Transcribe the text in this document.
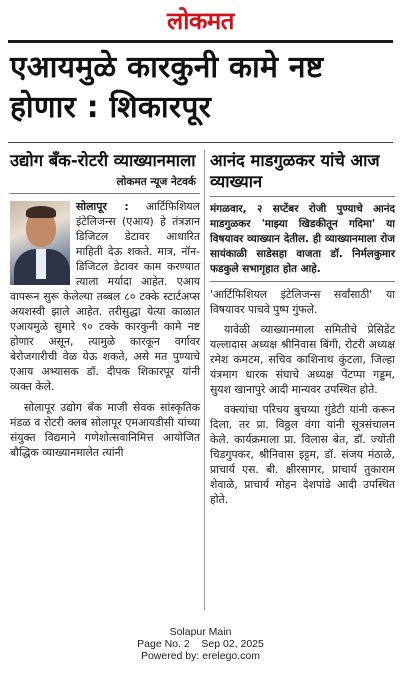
लोकमत
एआयमुळे कारकुनी कामे नष्ट होणार : शिकारपूर
उद्योग बँक-रोटरी व्याख्यानमाला
लोकमत न्यूज नेटवर्क

सोलापूर : आर्टिफिशियल इंटेलिजन्स (एआय) हे तंत्रज्ञान डिजिटल डेटावर आधारित माहिती देऊ शकते. मात्र, नॉन-डिजिटल डेटावर काम करण्यात त्याला मर्यादा आहेत. एआय वापरून सुरू केलेल्या तब्बल ८० टक्के स्टार्टअप्स अयशस्वी झाले आहेत. तरीसुद्धा येत्या काळात एआयमुळे सुमारे ९० टक्के कारकुनी कामे नष्ट होणार असून, त्यामुळे कारकून वर्गावर बेरोजगारीची वेळ येऊ शकते, असे मत पुण्याचे एआय अभ्यासक डॉ. दीपक शिकारपूर यांनी व्यक्त केले.

सोलापूर उद्योग बँक माजी सेवक सांस्कृतिक मंडळ व रोटरी क्लब सोलापूर एमआयडीसी यांच्या संयुक्त विद्यमाने गणेशोत्सवानिमित्त आयोजित बौद्धिक व्याख्यानमालेत त्यांनी

आनंद माडगुळकर यांचे आज व्याख्यान

मंगळवार, २ सप्टेंबर रोजी पुण्याचे आनंद माडगुळकर 'माझ्या खिडकीतून गदिमा' या विषयावर व्याख्यान देतील. ही व्याख्यानमाला रोज सायंकाळी साडेसहा वाजता डॉ. निर्मलकुमार फडकुले सभागृहात होत आहे.

'आर्टिफिशियल इंटेलिजन्स सर्वांसाठी' या विषयावर पाचवे पुष्प गुंफले.

यावेळी व्याख्यानमाला समितीचे प्रेसिडेंट यल्लादास अध्यक्ष श्रीनिवास बिंगी, रोटरी अध्यक्ष रमेश कमटम, सचिव काशिनाथ कुंटला, जिल्हा यंत्रमाग धारक संघाचे अध्यक्ष पेंटप्पा गड्डम, सुयश खानापुरे आदी मान्यवर उपस्थित होते.

वक्त्यांचा परिचय बुचय्या गुंडेटी यांनी करून दिला, तर प्रा. विठ्ठल वंगा यांनी सूत्रसंचालन केले. कार्यक्रमाला प्रा. विलास बेत, डॉ. ज्योती चिडगुपकर, श्रीनिवास इट्टम, डॉ. संजय मंठाळे, प्राचार्य एस. बी. क्षीरसागर, प्राचार्य तुकाराम शेवाळे, प्राचार्य मोहन देशपांडे आदी उपस्थित होते.

Solapur Main
Page No. 2    Sep 02, 2025
Powered by: erelego.com
